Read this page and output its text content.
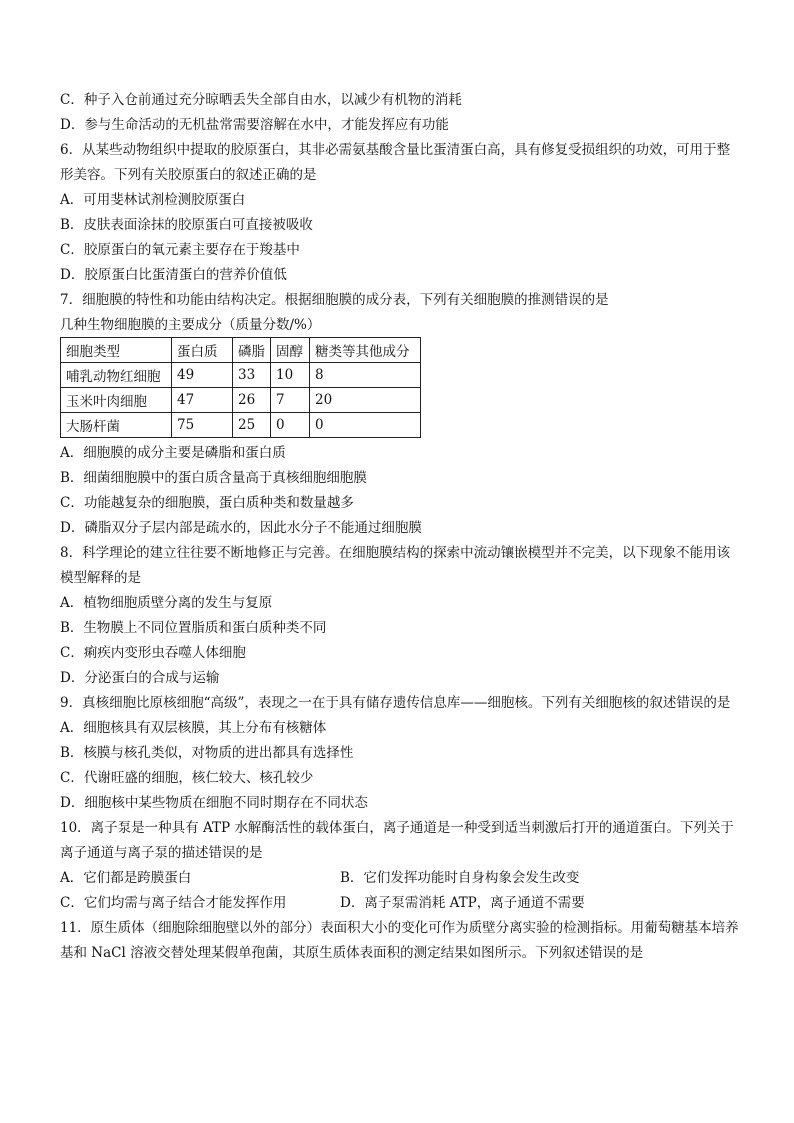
C．种子入仓前通过充分晾晒丢失全部自由水，以减少有机物的消耗
D．参与生命活动的无机盐常需要溶解在水中，才能发挥应有功能
6．从某些动物组织中提取的胶原蛋白，其非必需氨基酸含量比蛋清蛋白高，具有修复受损组织的功效，可用于整形美容。下列有关胶原蛋白的叙述正确的是
A．可用斐林试剂检测胶原蛋白
B．皮肤表面涂抹的胶原蛋白可直接被吸收
C．胶原蛋白的氧元素主要存在于羧基中
D．胶原蛋白比蛋清蛋白的营养价值低
7．细胞膜的特性和功能由结构决定。根据细胞膜的成分表，下列有关细胞膜的推测错误的是
几种生物细胞膜的主要成分（质量分数/%）
细胞类型	蛋白质	磷脂	固醇	糖类等其他成分
哺乳动物红细胞	49	33	10	8
玉米叶肉细胞	47	26	7	20
大肠杆菌	75	25	0	0
A．细胞膜的成分主要是磷脂和蛋白质
B．细菌细胞膜中的蛋白质含量高于真核细胞细胞膜
C．功能越复杂的细胞膜，蛋白质种类和数量越多
D．磷脂双分子层内部是疏水的，因此水分子不能通过细胞膜
8．科学理论的建立往往要不断地修正与完善。在细胞膜结构的探索中流动镶嵌模型并不完美，以下现象不能用该模型解释的是
A．植物细胞质壁分离的发生与复原
B．生物膜上不同位置脂质和蛋白质种类不同
C．痢疾内变形虫吞噬人体细胞
D．分泌蛋白的合成与运输
9．真核细胞比原核细胞“高级”，表现之一在于具有储存遗传信息库——细胞核。下列有关细胞核的叙述错误的是
A．细胞核具有双层核膜，其上分布有核糖体
B．核膜与核孔类似，对物质的进出都具有选择性
C．代谢旺盛的细胞，核仁较大、核孔较少
D．细胞核中某些物质在细胞不同时期存在不同状态
10．离子泵是一种具有 ATP 水解酶活性的载体蛋白，离子通道是一种受到适当刺激后打开的通道蛋白。下列关于离子通道与离子泵的描述错误的是
A．它们都是跨膜蛋白	B．它们发挥功能时自身构象会发生改变
C．它们均需与离子结合才能发挥作用	D．离子泵需消耗 ATP，离子通道不需要
11．原生质体（细胞除细胞壁以外的部分）表面积大小的变化可作为质壁分离实验的检测指标。用葡萄糖基本培养基和 NaCl 溶液交替处理某假单孢菌，其原生质体表面积的测定结果如图所示。下列叙述错误的是
